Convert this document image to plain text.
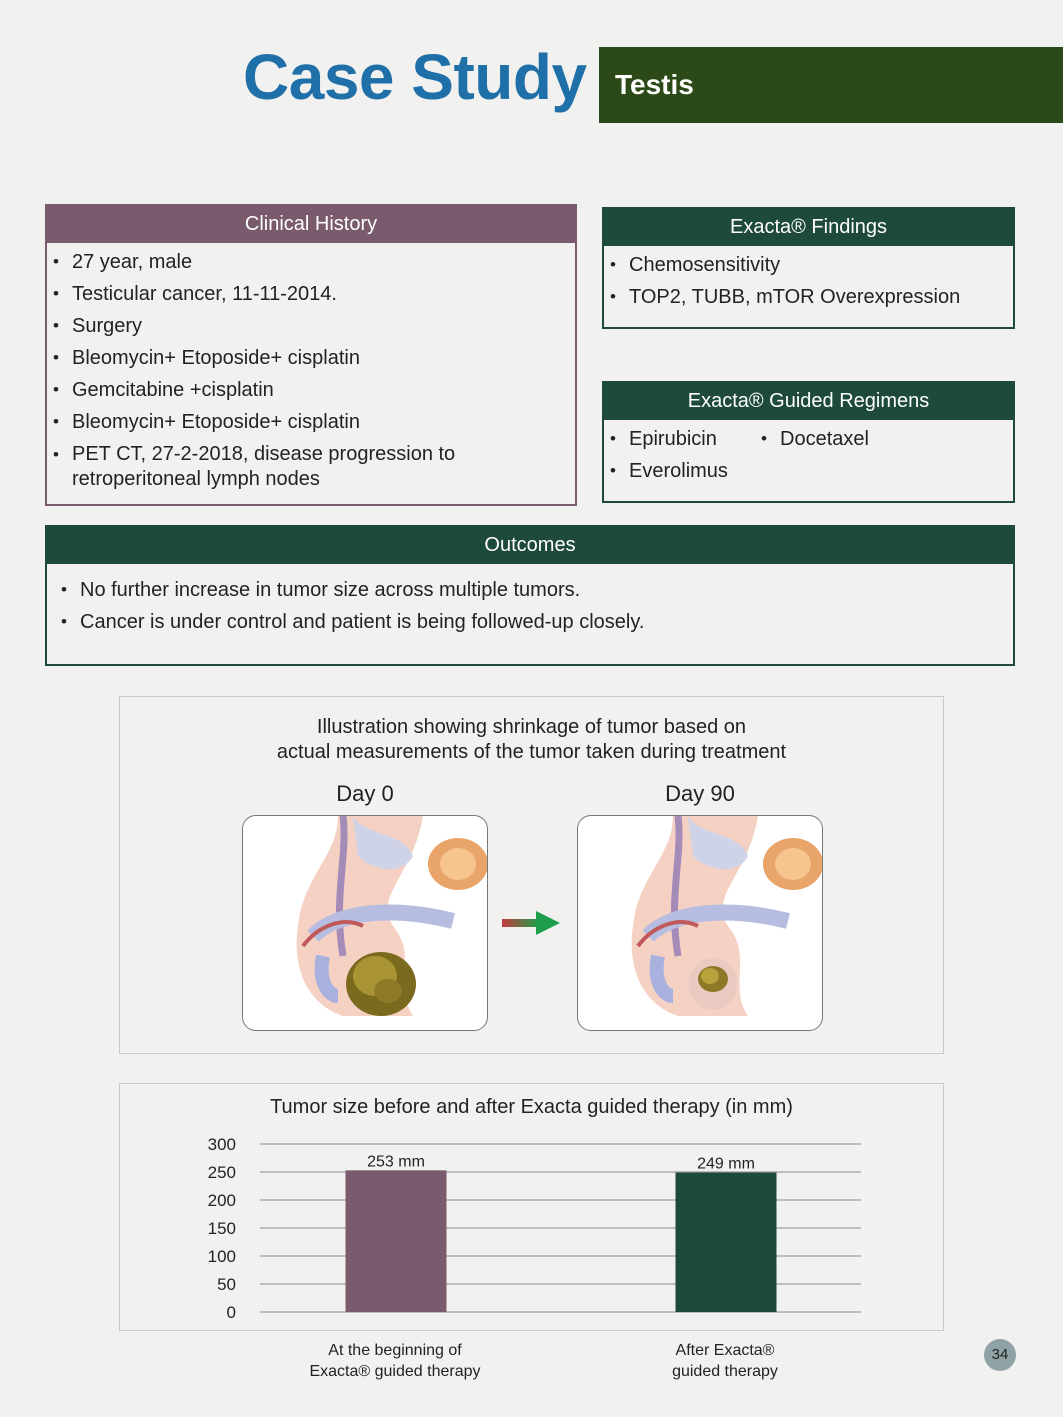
Case Study Testis
Clinical History
• 27 year, male
• Testicular cancer, 11-11-2014.
• Surgery
• Bleomycin+ Etoposide+ cisplatin
• Gemcitabine +cisplatin
• Bleomycin+ Etoposide+ cisplatin
• PET CT, 27-2-2018, disease progression to
retroperitoneal lymph nodes
Exacta® Findings
• Chemosensitivity
• TOP2, TUBB, mTOR Overexpression
Exacta® Guided Regimens
• Epirubicin
• Everolimus
• Docetaxel
Outcomes
• No further increase in tumor size across multiple tumors.
• Cancer is under control and patient is being followed-up closely.
Illustration showing shrinkage of tumor based on
actual measurements of the tumor taken during treatment
Day 0	Day 90
Tumor size before and after Exacta guided therapy (in mm)
0
50
100
150
200
250
300
253 mm	249 mm
At the beginning of
Exacta® guided therapy
After Exacta®
guided therapy
34
